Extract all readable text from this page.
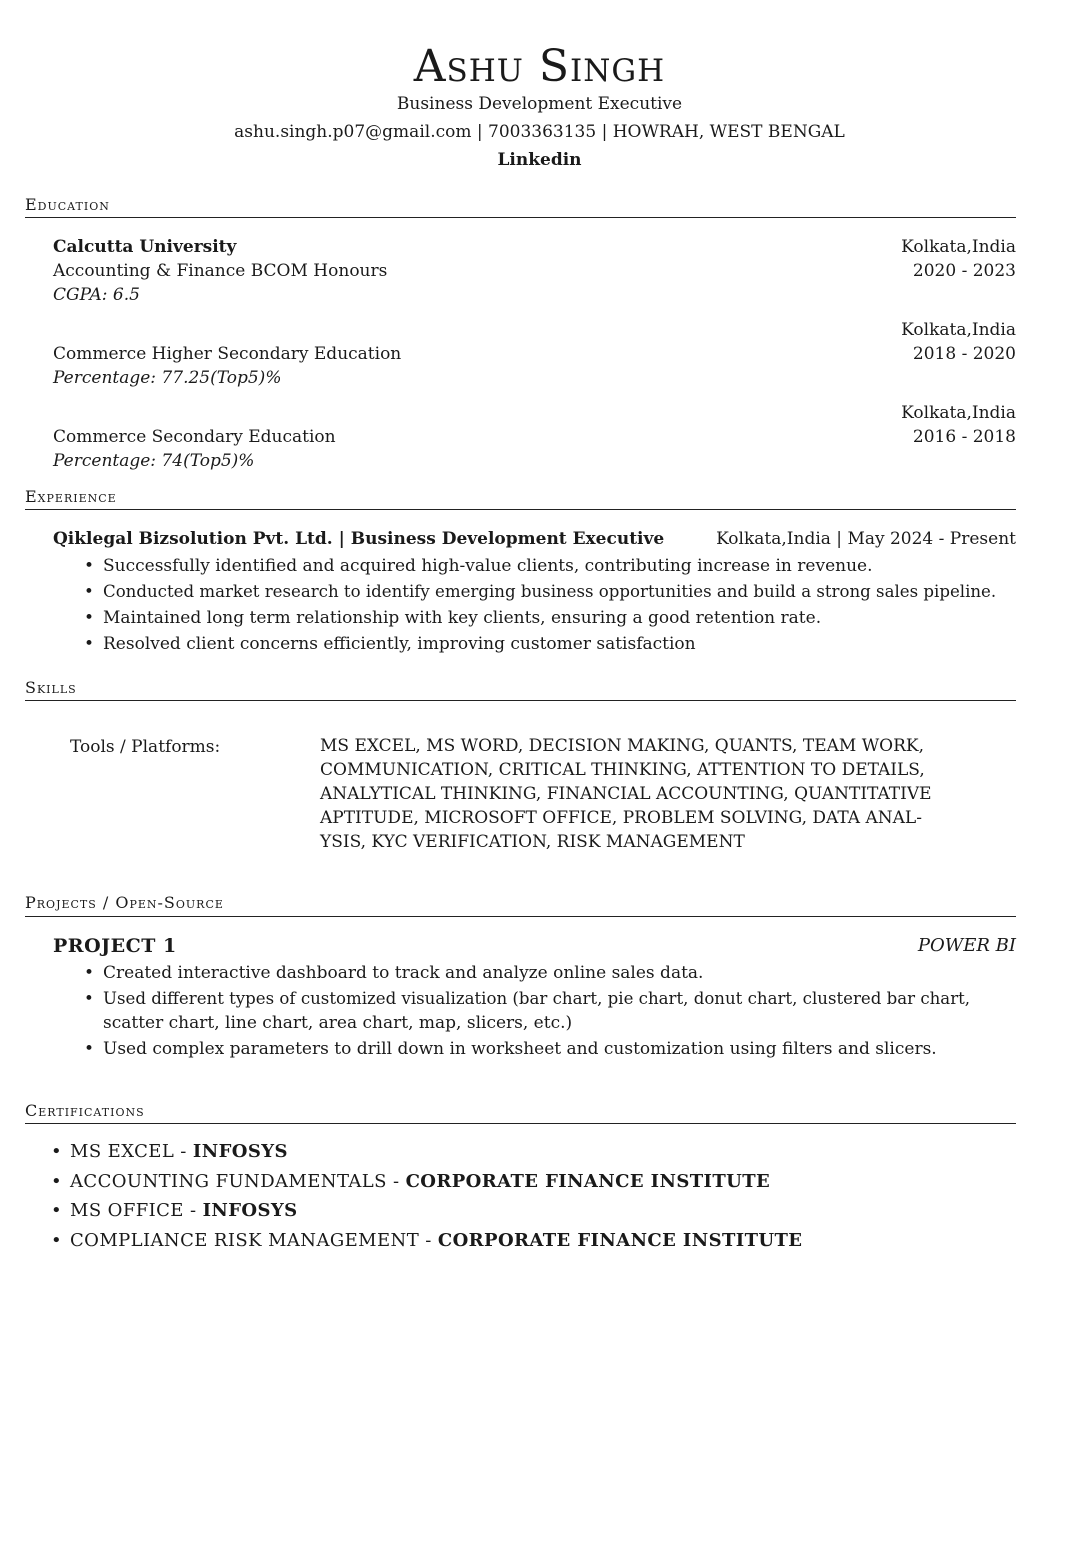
Ashu Singh
Business Development Executive
ashu.singh.p07@gmail.com | 7003363135 | HOWRAH, WEST BENGAL
Linkedin
Education
Calcutta University	Kolkata,India
Accounting & Finance BCOM Honours	2020 - 2023
CGPA: 6.5
Kolkata,India
Commerce Higher Secondary Education	2018 - 2020
Percentage: 77.25(Top5)%
Kolkata,India
Commerce Secondary Education	2016 - 2018
Percentage: 74(Top5)%
Experience
Qiklegal Bizsolution Pvt. Ltd. | Business Development Executive	Kolkata,India | May 2024 - Present
• Successfully identified and acquired high-value clients, contributing increase in revenue.
• Conducted market research to identify emerging business opportunities and build a strong sales pipeline.
• Maintained long term relationship with key clients, ensuring a good retention rate.
• Resolved client concerns efficiently, improving customer satisfaction
Skills
Tools / Platforms:	MS EXCEL, MS WORD, DECISION MAKING, QUANTS, TEAM WORK,
COMMUNICATION, CRITICAL THINKING, ATTENTION TO DETAILS,
ANALYTICAL THINKING, FINANCIAL ACCOUNTING, QUANTITATIVE
APTITUDE, MICROSOFT OFFICE, PROBLEM SOLVING, DATA ANAL-
YSIS, KYC VERIFICATION, RISK MANAGEMENT
Projects / Open-Source
PROJECT 1	POWER BI
• Created interactive dashboard to track and analyze online sales data.
• Used different types of customized visualization (bar chart, pie chart, donut chart, clustered bar chart,
scatter chart, line chart, area chart, map, slicers, etc.)
• Used complex parameters to drill down in worksheet and customization using filters and slicers.
Certifications
• MS EXCEL - INFOSYS
• ACCOUNTING FUNDAMENTALS - CORPORATE FINANCE INSTITUTE
• MS OFFICE - INFOSYS
• COMPLIANCE RISK MANAGEMENT - CORPORATE FINANCE INSTITUTE
